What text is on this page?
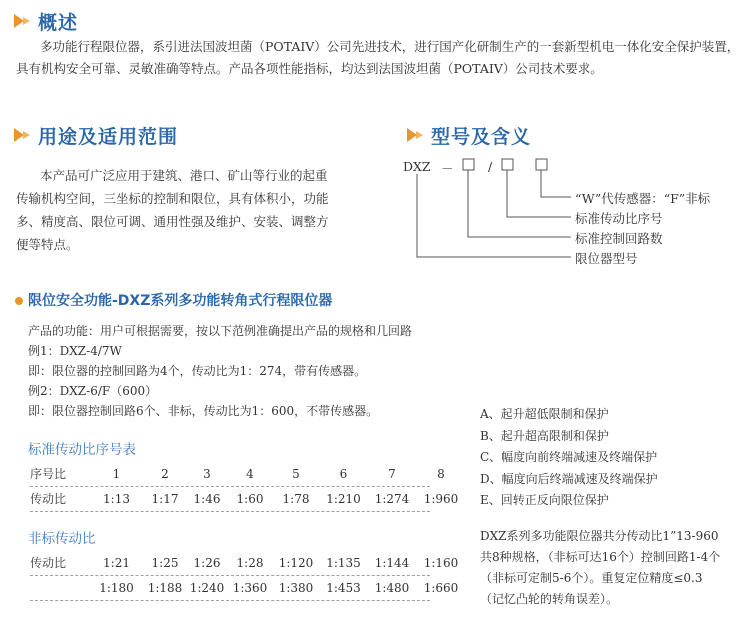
概述
多功能行程限位器，系引进法国波坦菌（POTAIV）公司先进技术，进行国产化研制生产的一套新型机电一体化安全保护装置，
具有机构安全可靠、灵敏准确等特点。产品各项性能指标，均达到法国波坦菌（POTAIV）公司技术要求。
用途及适用范围
本产品可广泛应用于建筑、港口、矿山等行业的起重
传输机构空间，三坐标的控制和限位，具有体积小，功能
多、精度高、限位可调、通用性强及维护、安装、调整方
便等特点。
型号及含义
DXZ －	/
“W”代传感器：“F”非标
标准传动比序号
标准控制回路数
限位器型号
限位安全功能-DXZ系列多功能转角式行程限位器
产品的功能：用户可根据需要，按以下范例准确提出产品的规格和几回路
例1：DXZ-4/7W
即：限位器的控制回路为4个，传动比为1：274，带有传感器。
例2：DXZ-6/F（600）
即：限位器控制回路6个、非标，传动比为1：600，不带传感器。
标准传动比序号表
序号比	1	2	3	4	5	6	7	8
传动比	1:13	1:17	1:46	1:60	1:78	1:210	1:274	1:960
非标传动比
传动比	1:21	1:25	1:26	1:28	1:120	1:135	1:144	1:160
	1:180	1:188	1:240	1:360	1:380	1:453	1:480	1:660
A、起升超低限制和保护
B、起升超高限制和保护
C、幅度向前终端减速及终端保护
D、幅度向后终端减速及终端保护
E、回转正反向限位保护
DXZ系列多功能限位器共分传动比1”13-960
共8种规格，（非标可达16个）控制回路1-4个
（非标可定制5-6个）。重复定位精度≤0.3
（记忆凸轮的转角误差）。
